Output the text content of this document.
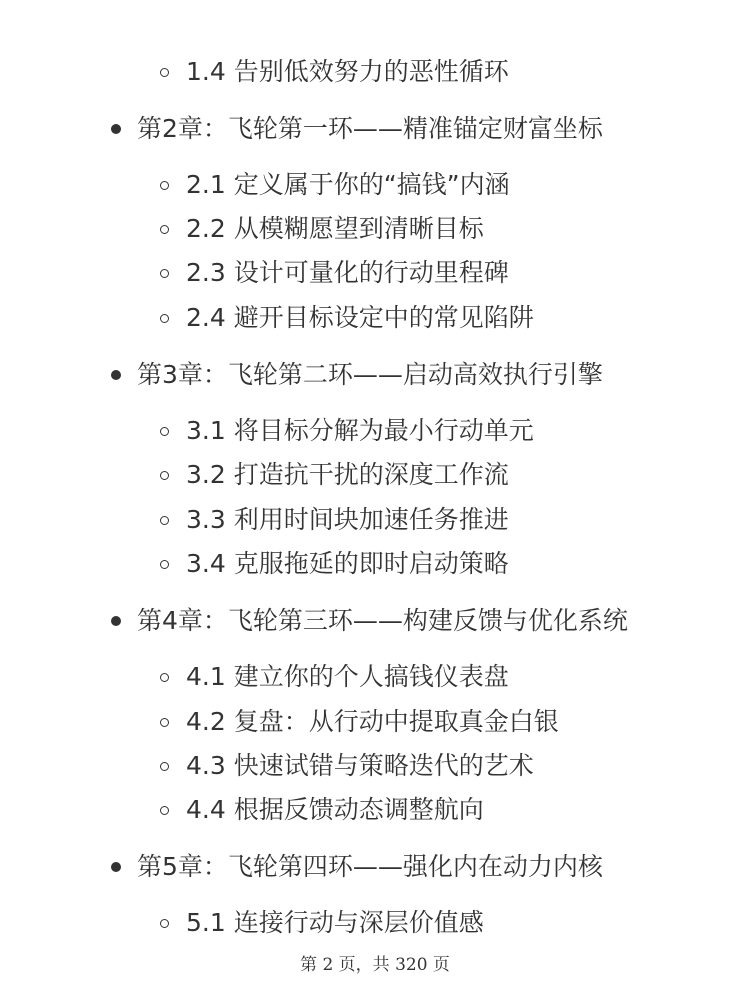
1.4 告别低效努力的恶性循环
第2章：飞轮第一环——精准锚定财富坐标
2.1 定义属于你的“搞钱”内涵
2.2 从模糊愿望到清晰目标
2.3 设计可量化的行动里程碑
2.4 避开目标设定中的常见陷阱
第3章：飞轮第二环——启动高效执行引擎
3.1 将目标分解为最小行动单元
3.2 打造抗干扰的深度工作流
3.3 利用时间块加速任务推进
3.4 克服拖延的即时启动策略
第4章：飞轮第三环——构建反馈与优化系统
4.1 建立你的个人搞钱仪表盘
4.2 复盘：从行动中提取真金白银
4.3 快速试错与策略迭代的艺术
4.4 根据反馈动态调整航向
第5章：飞轮第四环——强化内在动力内核
5.1 连接行动与深层价值感
第 2 页，共 320 页
